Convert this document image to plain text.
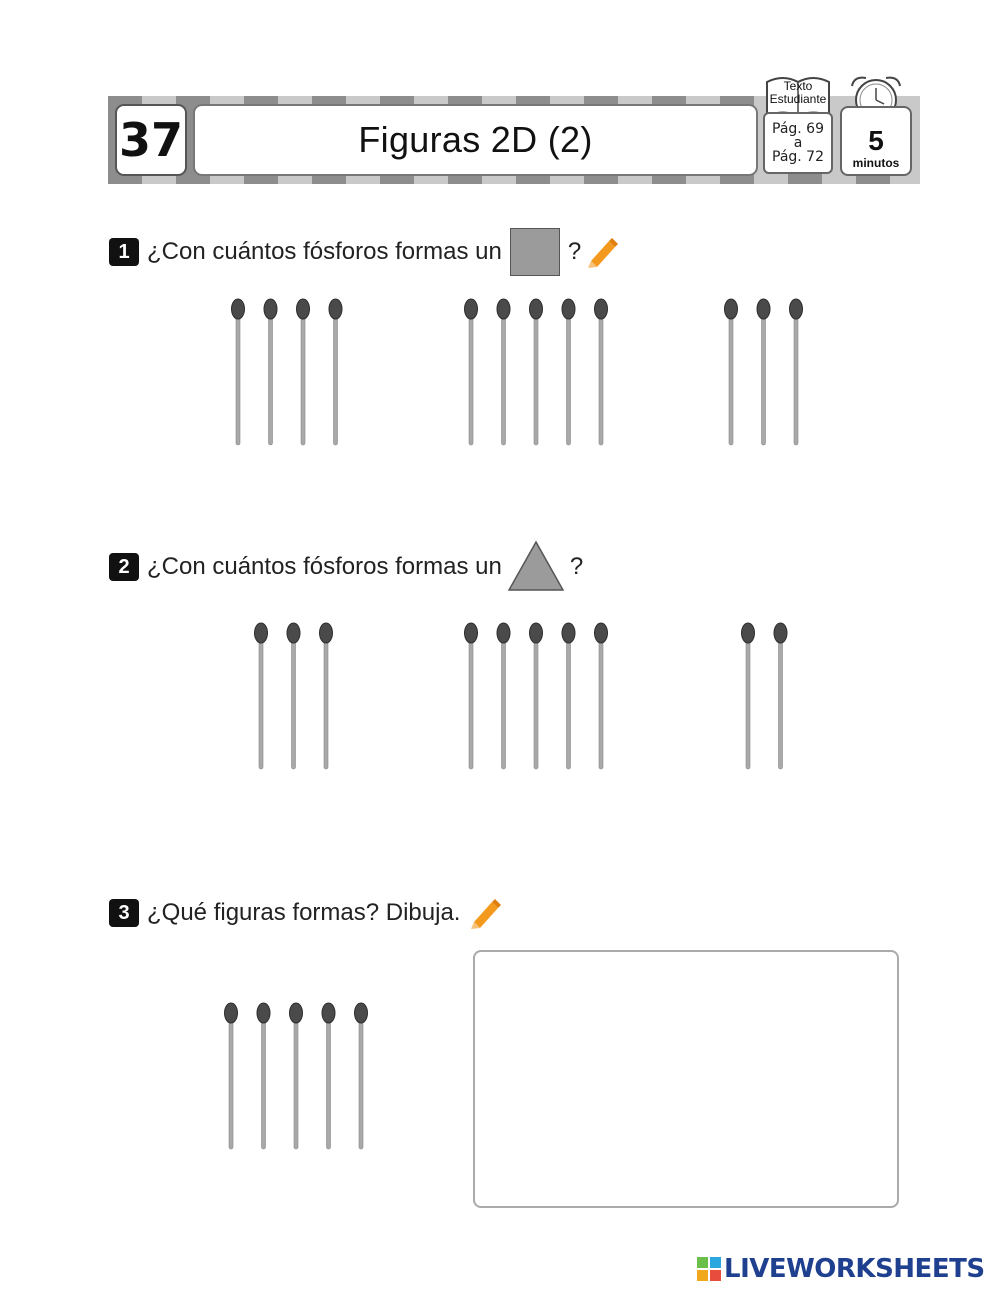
37	Figuras 2D (2)
Texto
Estudiante
Pág. 69
a
Pág. 72
5
minutos
1 ¿Con cuántos fósforos formas un	?
2 ¿Con cuántos fósforos formas un	?
3 ¿Qué figuras formas? Dibuja.
LIVEWORKSHEETS
